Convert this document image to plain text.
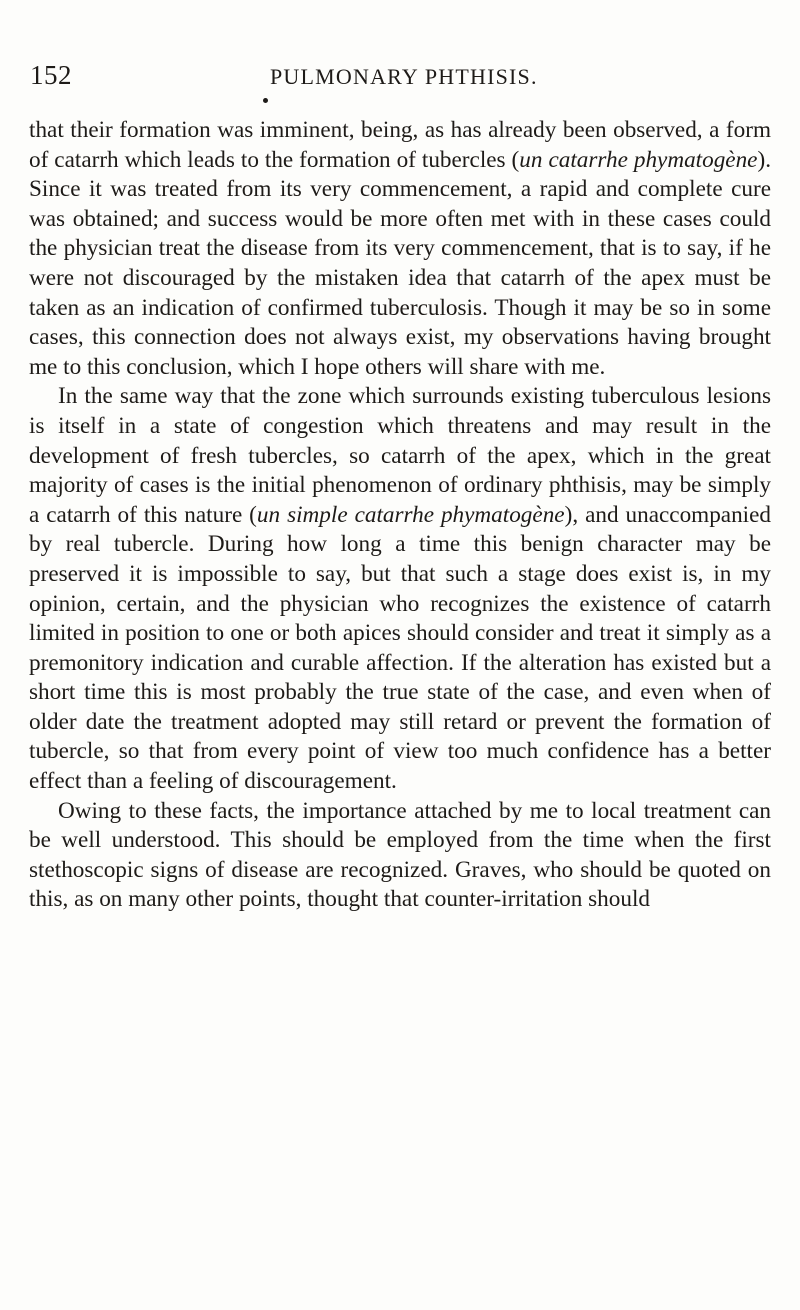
152	PULMONARY PHTHISIS.

that their formation was imminent, being, as has already been observed, a form of catarrh which leads to the formation of tubercles (un catarrhe phymatogène). Since it was treated from its very commencement, a rapid and complete cure was obtained; and success would be more often met with in these cases could the physician treat the disease from its very commencement, that is to say, if he were not discouraged by the mistaken idea that catarrh of the apex must be taken as an indication of confirmed tuberculosis. Though it may be so in some cases, this connection does not always exist, my observations having brought me to this conclusion, which I hope others will share with me.

In the same way that the zone which surrounds existing tuberculous lesions is itself in a state of congestion which threatens and may result in the development of fresh tubercles, so catarrh of the apex, which in the great majority of cases is the initial phenomenon of ordinary phthisis, may be simply a catarrh of this nature (un simple catarrhe phymatogène), and unaccompanied by real tubercle. During how long a time this benign character may be preserved it is impossible to say, but that such a stage does exist is, in my opinion, certain, and the physician who recognizes the existence of catarrh limited in position to one or both apices should consider and treat it simply as a premonitory indication and curable affection. If the alteration has existed but a short time this is most probably the true state of the case, and even when of older date the treatment adopted may still retard or prevent the formation of tubercle, so that from every point of view too much confidence has a better effect than a feeling of discouragement.

Owing to these facts, the importance attached by me to local treatment can be well understood. This should be employed from the time when the first stethoscopic signs of disease are recognized. Graves, who should be quoted on this, as on many other points, thought that counter-irritation should
